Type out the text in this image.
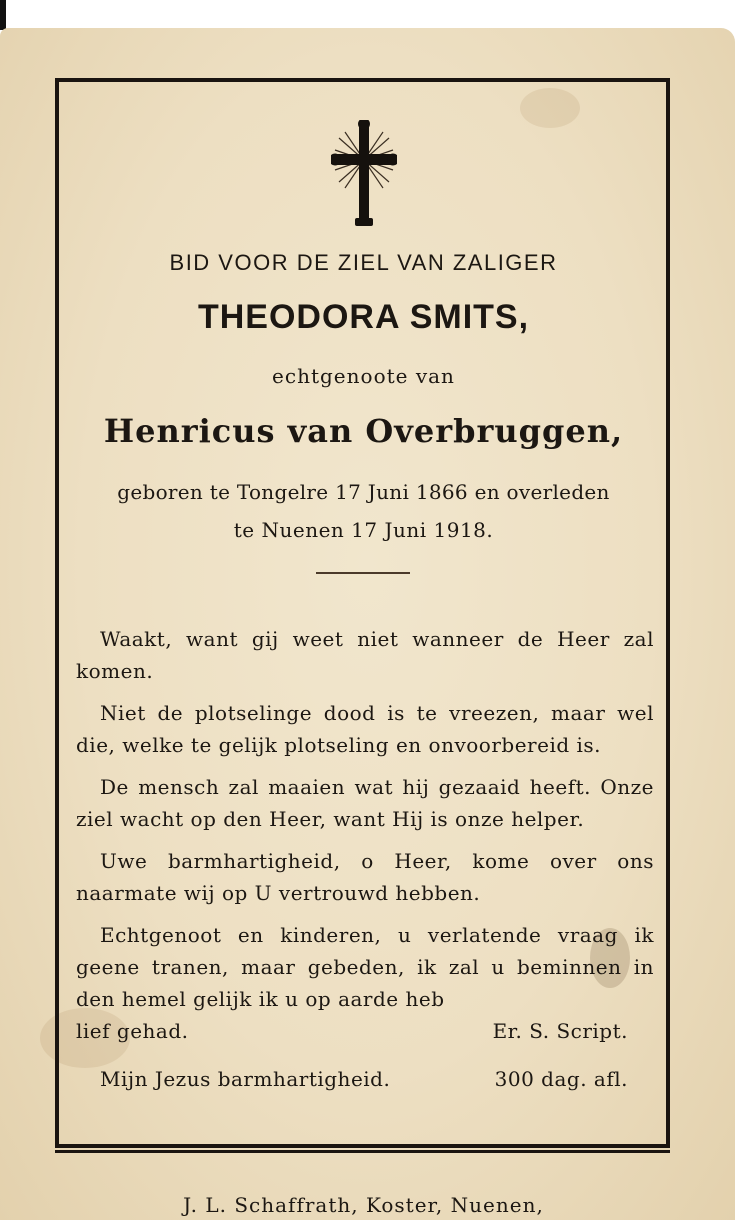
BID VOOR DE ZIEL VAN ZALIGER
THEODORA SMITS,
echtgenoote van
Henricus van Overbruggen,
geboren te Tongelre 17 Juni 1866 en overleden
te Nuenen 17 Juni 1918.

Waakt, want gij weet niet wanneer de Heer zal komen.

Niet de plotselinge dood is te vreezen, maar wel die, welke te gelijk plotseling en onvoorbereid is.

De mensch zal maaien wat hij gezaaid heeft. Onze ziel wacht op den Heer, want Hij is onze helper.

Uwe barmhartigheid, o Heer, kome over ons naarmate wij op U vertrouwd hebben.

Echtgenoot en kinderen, u verlatende vraag ik geene tranen, maar gebeden, ik zal u beminnen in den hemel gelijk ik u op aarde heb

lief gehad.	Er. S. Script.
Mijn Jezus barmhartigheid.	300 dag. afl.
J. L. Schaffrath, Koster, Nuenen,
